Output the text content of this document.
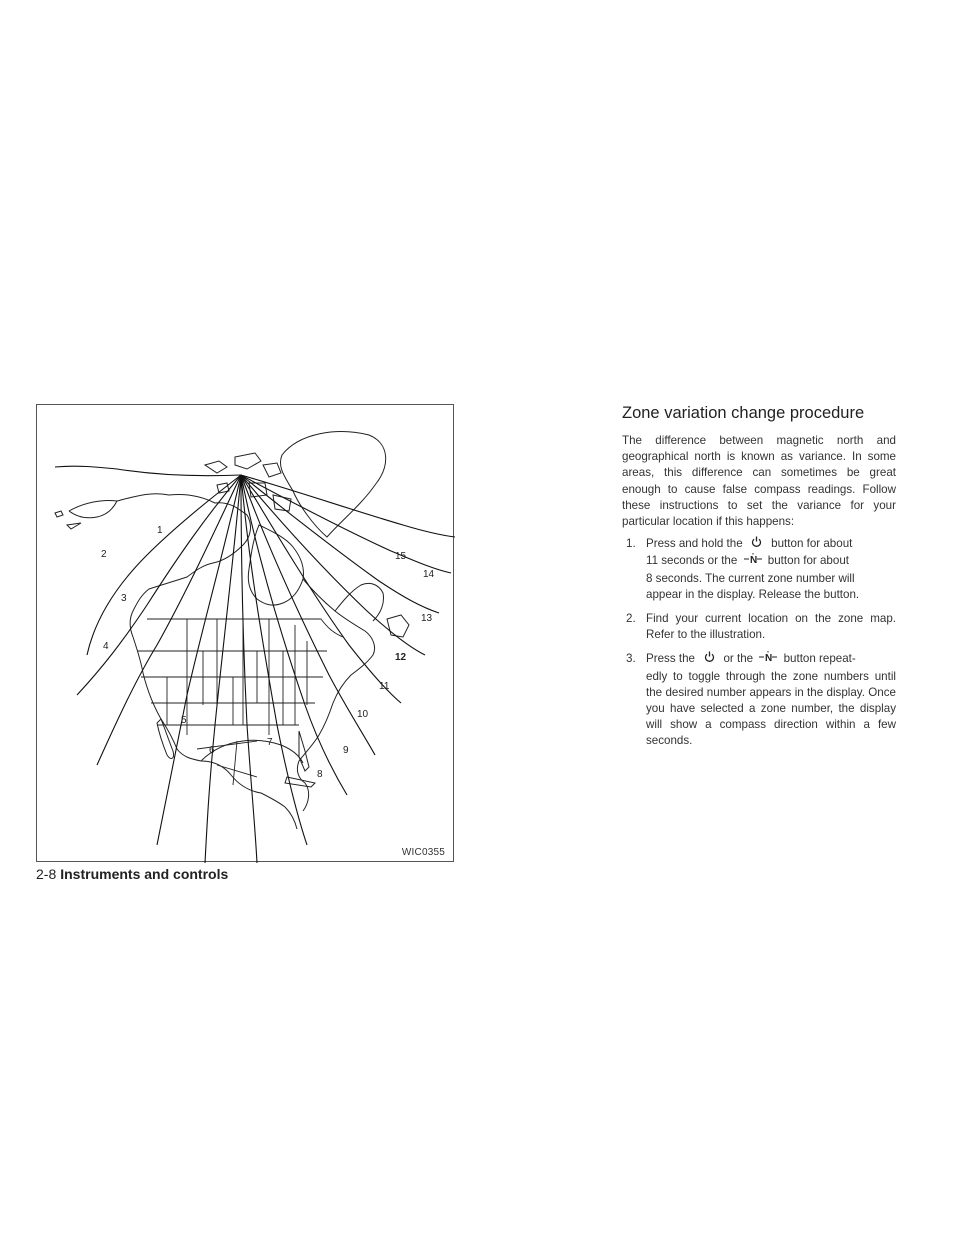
1
2
3
4
5
6
7
8
9
10
11
12
13
14
15
WIC0355
2-8 Instruments and controls
Zone variation change procedure

The difference between magnetic north and geographical north is known as variance. In some areas, this difference can sometimes be great enough to cause false compass readings. Follow these instructions to set the variance for your particular location if this happens:

1. Press and hold the button for about
11 seconds or the N button for about
8 seconds. The current zone number will
appear in the display. Release the button.
2. Find your current location on the zone map. Refer to the illustration.
3. Press the or the N button repeat-
edly to toggle through the zone numbers until the desired number appears in the display. Once you have selected a zone number, the display will show a compass direction within a few seconds.
